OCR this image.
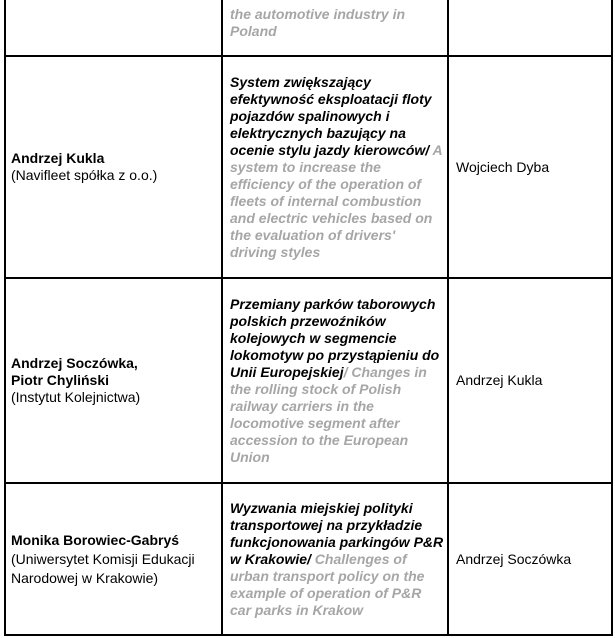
the automotive industry in Poland
Andrzej Kukla
(Navifleet spółka z o.o.)
System zwiększający efektywność eksploatacji floty pojazdów spalinowych i elektrycznych bazujący na ocenie stylu jazdy kierowców/ A system to increase the efficiency of the operation of fleets of internal combustion and electric vehicles based on the evaluation of drivers' driving styles
Wojciech Dyba
Andrzej Soczówka, Piotr Chyliński
(Instytut Kolejnictwa)
Przemiany parków taborowych polskich przewoźników kolejowych w segmencie lokomotyw po przystąpieniu do Unii Europejskiej/ Changes in the rolling stock of Polish railway carriers in the locomotive segment after accession to the European Union
Andrzej Kukla
Monika Borowiec-Gabryś
(Uniwersytet Komisji Edukacji Narodowej w Krakowie)
Wyzwania miejskiej polityki transportowej na przykładzie funkcjonowania parkingów P&R w Krakowie/ Challenges of urban transport policy on the example of operation of P&R car parks in Krakow
Andrzej Soczówka
